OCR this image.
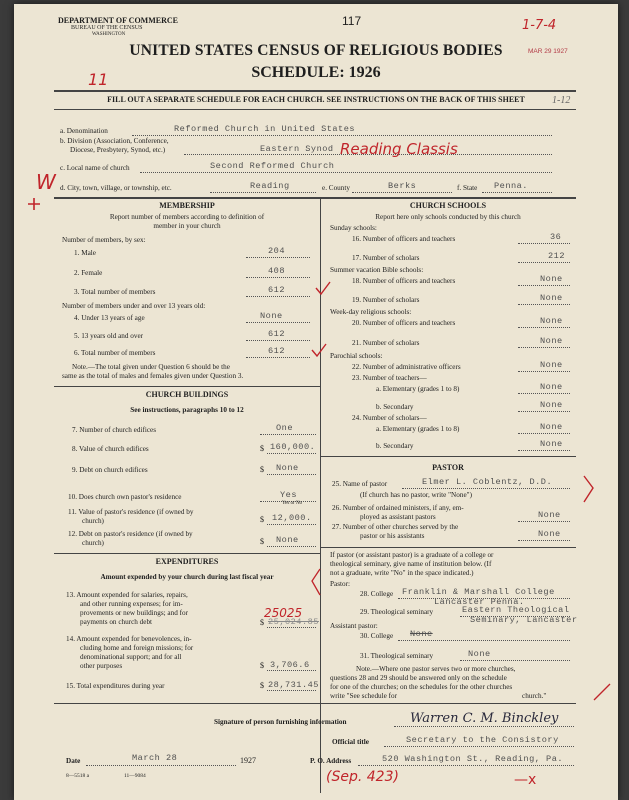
DEPARTMENT OF COMMERCE
BUREAU OF THE CENSUS
WASHINGTON
117	1-7-4
MAR 29 1927
UNITED STATES CENSUS OF RELIGIOUS BODIES
SCHEDULE: 1926
11
FILL OUT A SEPARATE SCHEDULE FOR EACH CHURCH. SEE INSTRUCTIONS ON THE BACK OF THIS SHEET	1-12
a. Denomination	Reformed Church in United States
b. Division (Association, Conference,
Diocese, Presbytery, Synod, etc.)	Eastern Synod Reading Classis
c. Local name of church	Second Reformed Church
W d. City, town, village, or township, etc.	Reading	e. County	Berks	f. State Penna.
MEMBERSHIP
Report number of members according to definition of
member in your church
Number of members, by sex:
1. Male	204
2. Female	408
3. Total number of members	612
Number of members under and over 13 years old:
4. Under 13 years of age	None
5. 13 years old and over	612
6. Total number of members	612
Note.—The total given under Question 6 should be the
same as the total of males and females given under Question 3.
CHURCH BUILDINGS
See instructions, paragraphs 10 to 12
7. Number of church edifices	One
8. Value of church edifices	$ 160,000.
9. Debt on church edifices	$ None
10. Does church own pastor's residence	Yes
Yes or No
11. Value of pastor's residence (if owned by
church)	$ 12,000.
12. Debt on pastor's residence (if owned by
church)	$ None
EXPENDITURES
Amount expended by your church during last fiscal year
13. Amount expended for salaries, repairs,
and other running expenses; for im-
provements or new buildings; and for
payments on church debt
25025
$ 25,024.85
14. Amount expended for benevolences, in-
cluding home and foreign missions; for
denominational support; and for all
other purposes	$ 3,706.6
15. Total expenditures during year	$ 28,731.45
CHURCH SCHOOLS
Report here only schools conducted by this church
Sunday schools:
16. Number of officers and teachers	36
17. Number of scholars	212
Summer vacation Bible schools:
18. Number of officers and teachers	None
19. Number of scholars	None
Week-day religious schools:
20. Number of officers and teachers	None
21. Number of scholars	None
Parochial schools:
22. Number of administrative officers	None
23. Number of teachers—
a. Elementary (grades 1 to 8)	None
b. Secondary	None
24. Number of scholars—
a. Elementary (grades 1 to 8)	None
b. Secondary	None
PASTOR
25. Name of pastor	Elmer L. Coblentz, D.D.
(If church has no pastor, write "None")
26. Number of ordained ministers, if any, em-
ployed as assistant pastors	None
27. Number of other churches served by the
pastor or his assistants	None
If pastor (or assistant pastor) is a graduate of a college or
theological seminary, give name of institution below. (If
not a graduate, write "No" in the space indicated.)
Pastor:
28. College Franklin & Marshall College
Lancaster Penna.
29. Theological seminary	Eastern Theological
Seminary, Lancaster
Assistant pastor:
30. College None
31. Theological seminary	None
Note.—Where one pastor serves two or more churches,
questions 28 and 29 should be answered only on the schedule
for one of the churches; on the schedules for the other churches
write "See schedule for	church."
Signature of person furnishing information	Warren C. M. Binckley
Official title	Secretary to the Consistory
Date	March 28	1927	P. O. Address	520 Washington St., Reading, Pa.
8—5518 a	11—9084	(Sep. 423)	—x
